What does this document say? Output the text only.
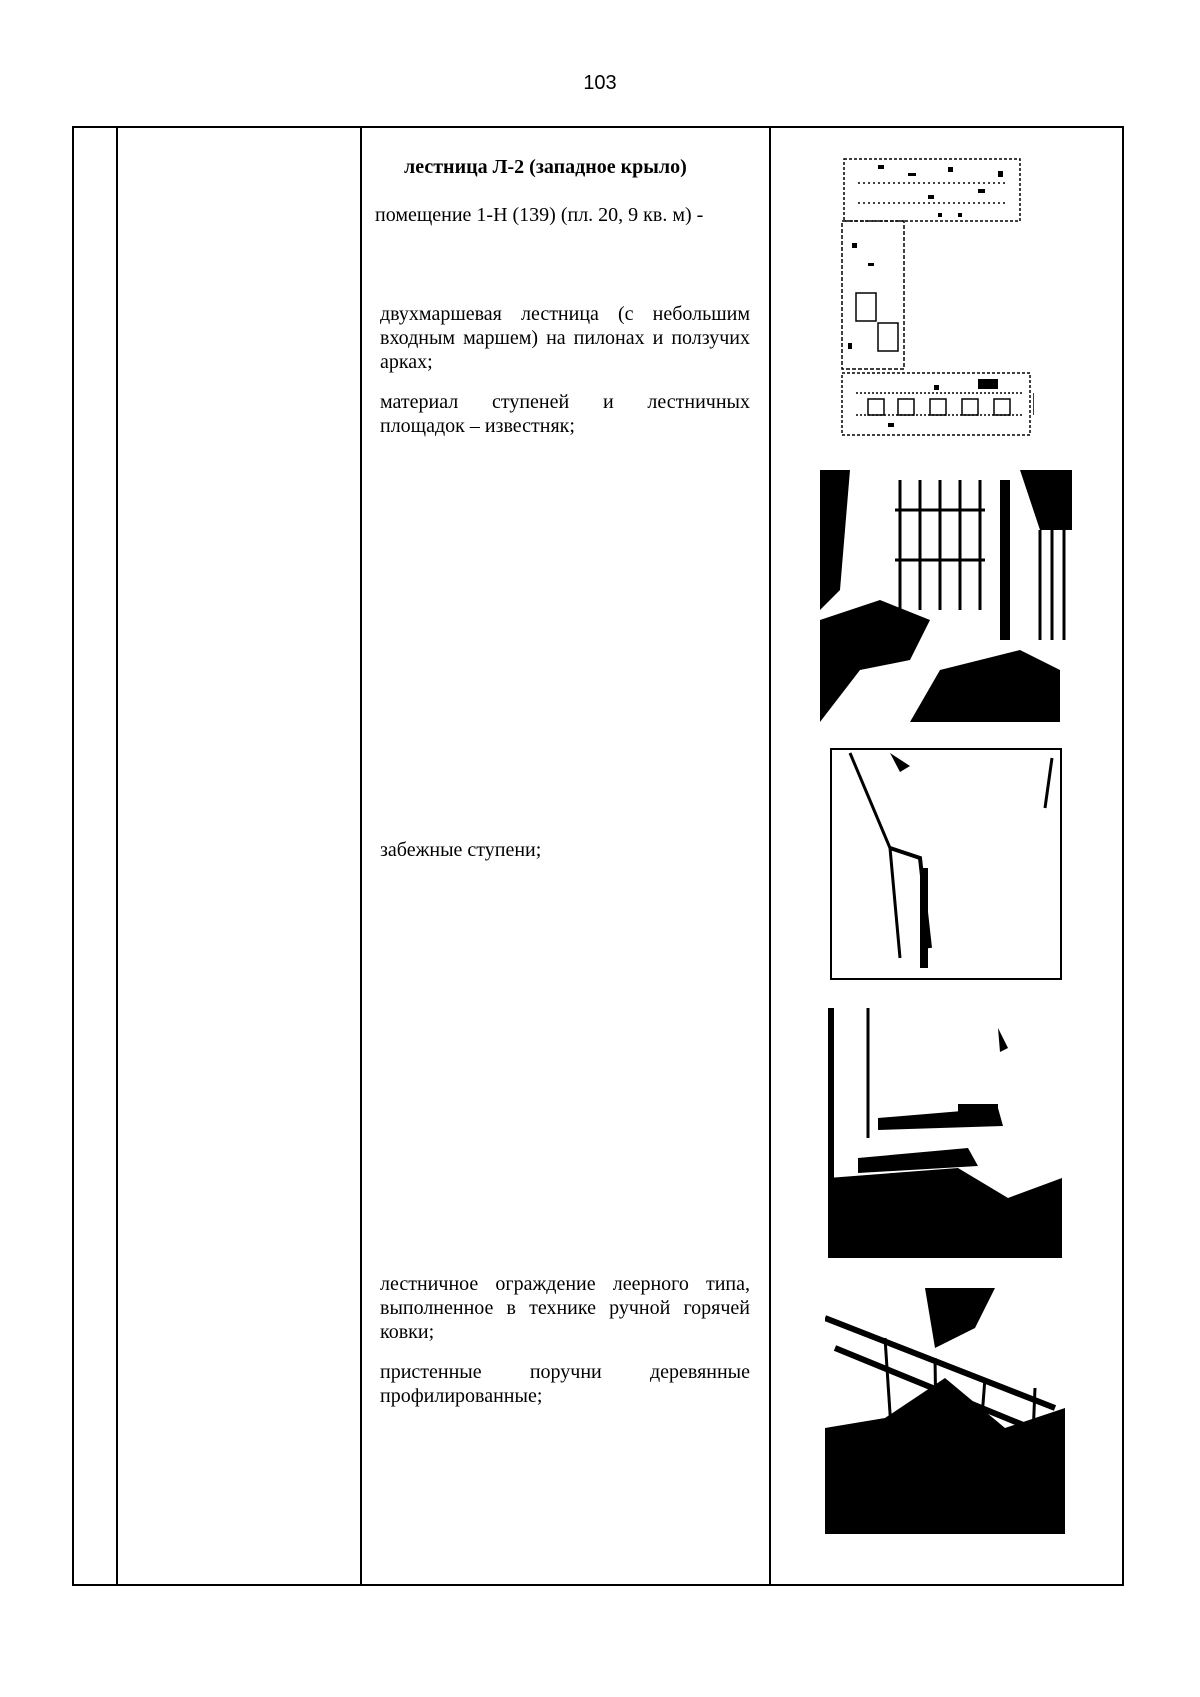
103
лестница Л-2 (западное крыло)
помещение 1-Н (139) (пл. 20, 9 кв. м) -

двухмаршевая лестница (с небольшим входным маршем) на пилонах и ползучих арках;

материал ступеней и лестничных площадок – известняк;

забежные ступени;

лестничное ограждение леерного типа, выполненное в технике ручной горячей ковки;

пристенные поручни деревянные профилированные;
